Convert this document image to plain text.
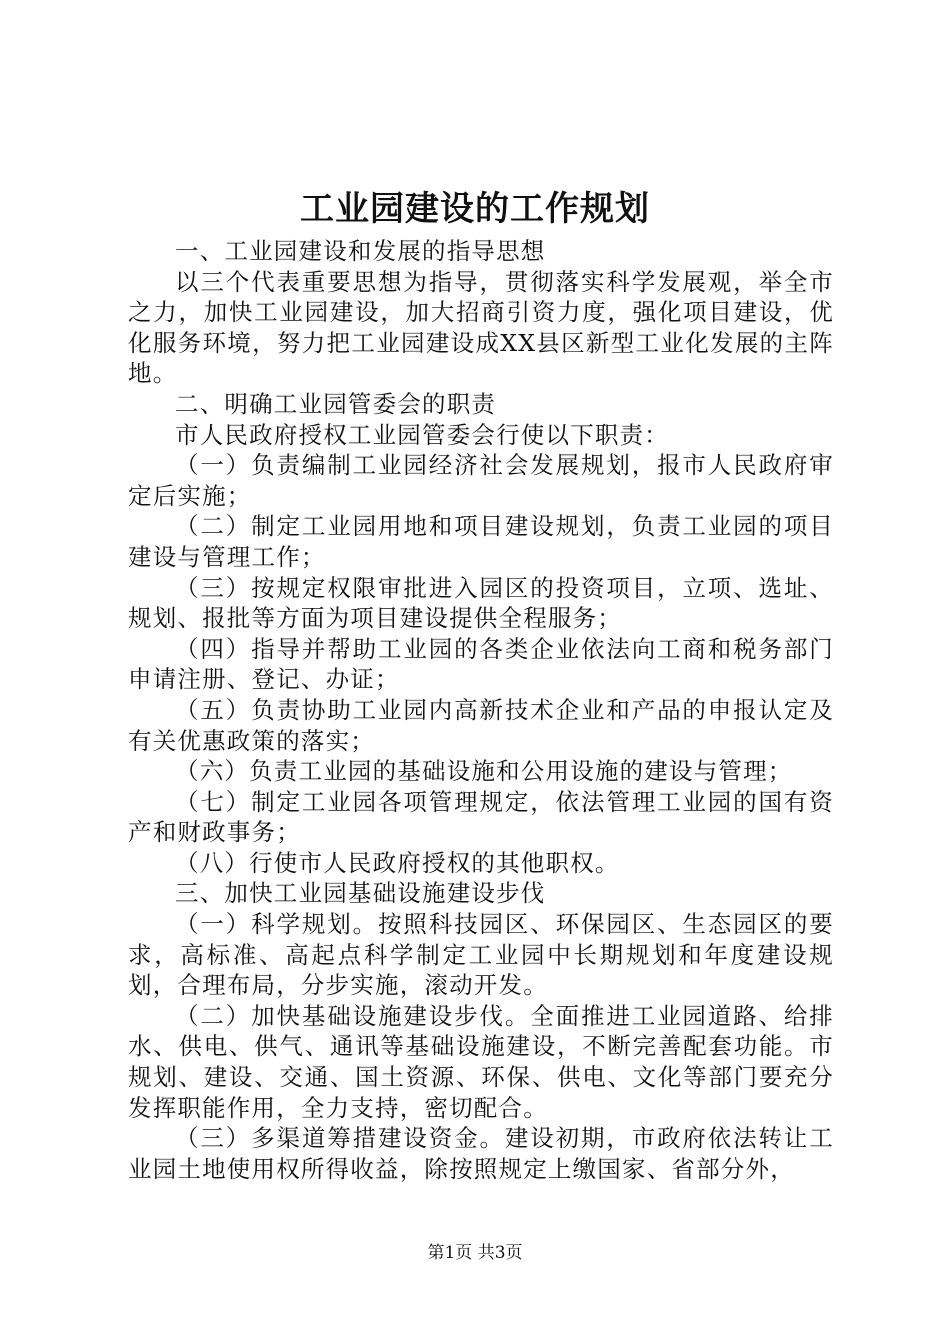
工业园建设的工作规划

一、工业园建设和发展的指导思想

以三个代表重要思想为指导，贯彻落实科学发展观，举全市之力，加快工业园建设，加大招商引资力度，强化项目建设，优化服务环境，努力把工业园建设成XX县区新型工业化发展的主阵地。

二、明确工业园管委会的职责

市人民政府授权工业园管委会行使以下职责：

（一）负责编制工业园经济社会发展规划，报市人民政府审定后实施；

（二）制定工业园用地和项目建设规划，负责工业园的项目建设与管理工作；

（三）按规定权限审批进入园区的投资项目，立项、选址、规划、报批等方面为项目建设提供全程服务；

（四）指导并帮助工业园的各类企业依法向工商和税务部门申请注册、登记、办证；

（五）负责协助工业园内高新技术企业和产品的申报认定及有关优惠政策的落实；

（六）负责工业园的基础设施和公用设施的建设与管理；

（七）制定工业园各项管理规定，依法管理工业园的国有资产和财政事务；

（八）行使市人民政府授权的其他职权。

三、加快工业园基础设施建设步伐

（一）科学规划。按照科技园区、环保园区、生态园区的要求，高标准、高起点科学制定工业园中长期规划和年度建设规划，合理布局，分步实施，滚动开发。

（二）加快基础设施建设步伐。全面推进工业园道路、给排水、供电、供气、通讯等基础设施建设，不断完善配套功能。市规划、建设、交通、国土资源、环保、供电、文化等部门要充分发挥职能作用，全力支持，密切配合。

（三）多渠道筹措建设资金。建设初期，市政府依法转让工业园土地使用权所得收益，除按照规定上缴国家、省部分外，

第1页 共3页
